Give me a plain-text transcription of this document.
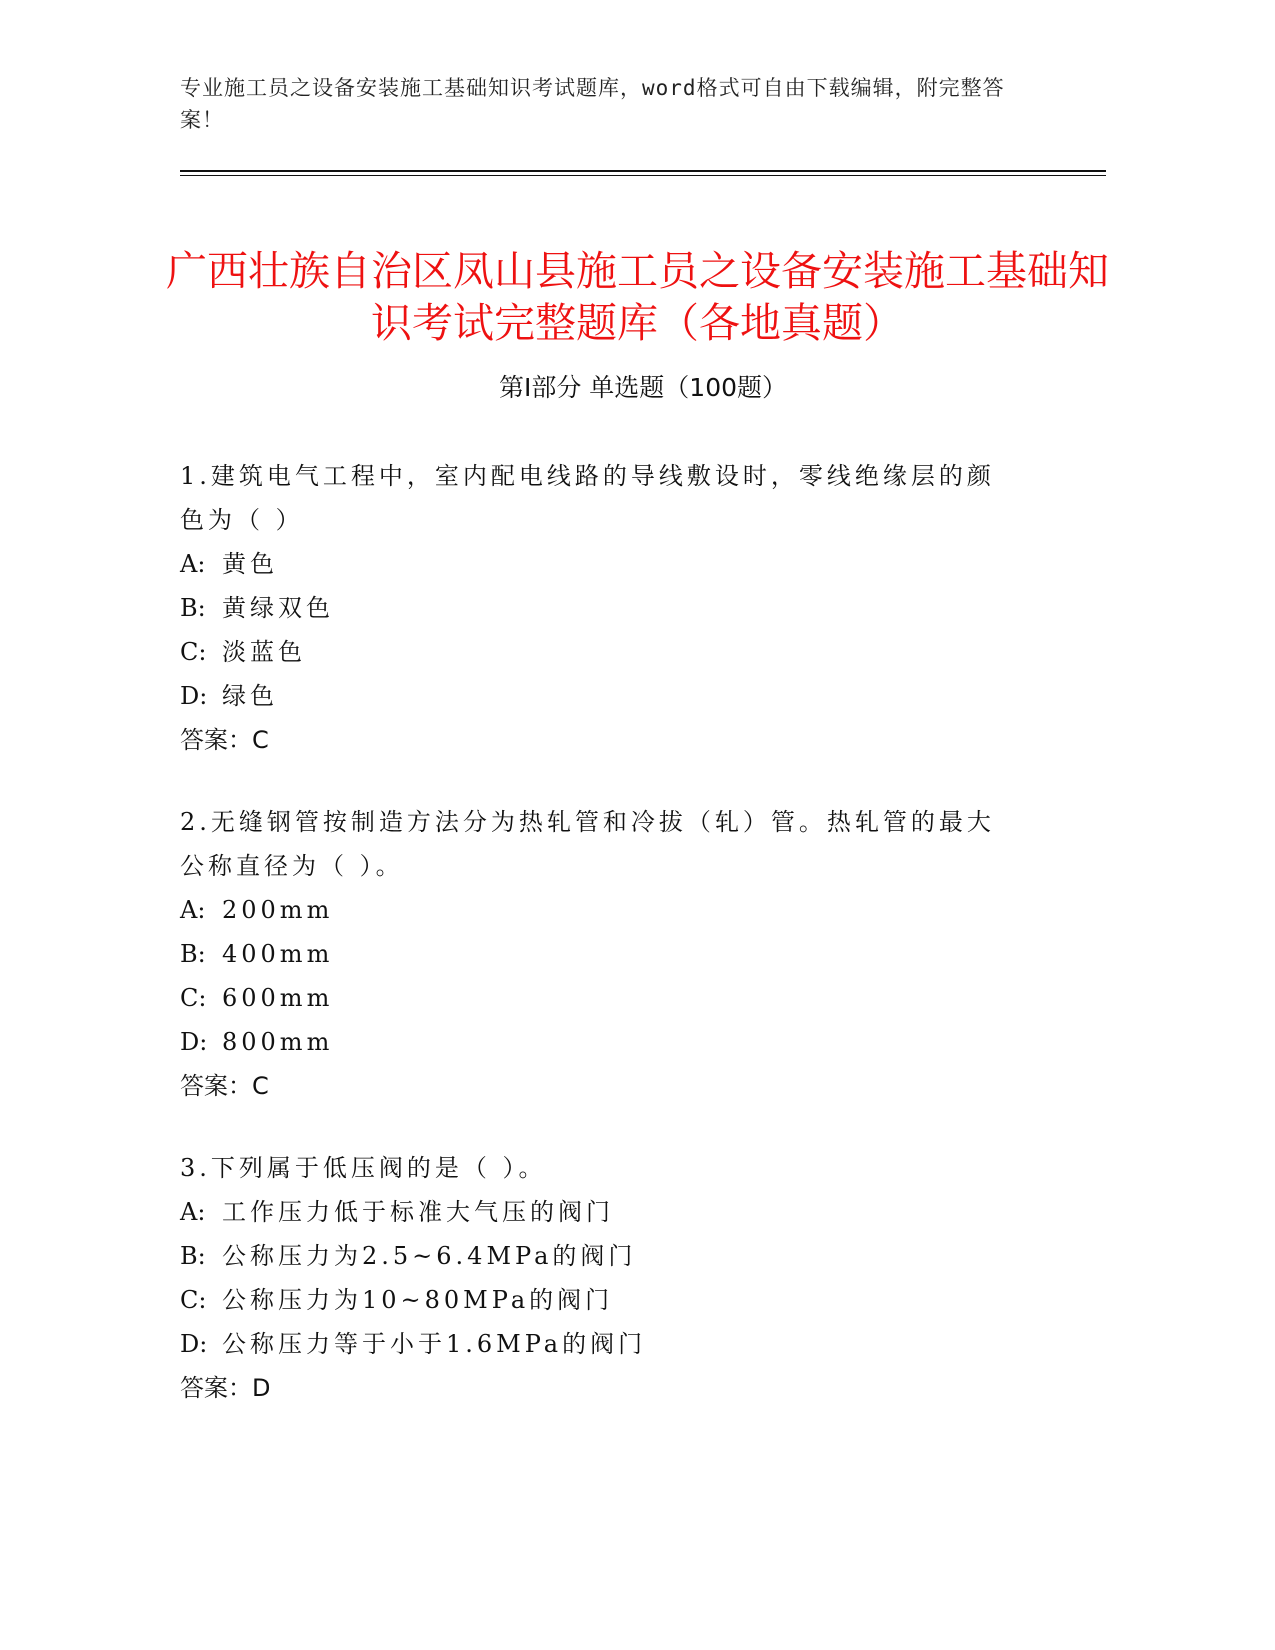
专业施工员之设备安装施工基础知识考试题库，word格式可自由下载编辑，附完整答案！
广西壮族自治区凤山县施工员之设备安装施工基础知识考试完整题库（各地真题）
第Ⅰ部分 单选题（100题）

1.建筑电气工程中，室内配电线路的导线敷设时，零线绝缘层的颜色为（ ）

A: 黄色

B: 黄绿双色

C: 淡蓝色

D: 绿色

答案：C

2.无缝钢管按制造方法分为热轧管和冷拔（轧）管。热轧管的最大公称直径为（ ）。

A: 200mm

B: 400mm

C: 600mm

D: 800mm

答案：C

3.下列属于低压阀的是（ ）。

A: 工作压力低于标准大气压的阀门

B: 公称压力为2.5~6.4MPa的阀门

C: 公称压力为10~80MPa的阀门

D: 公称压力等于小于1.6MPa的阀门

答案：D
